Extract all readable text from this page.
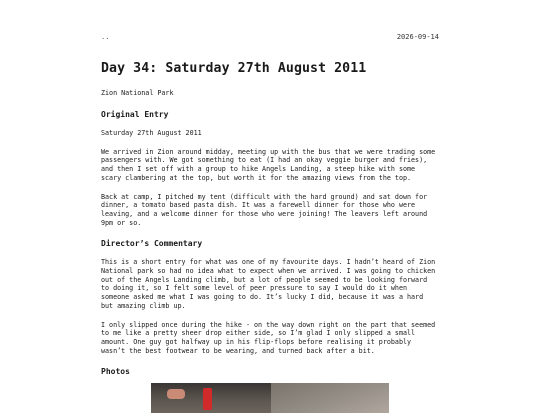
..	2026-09-14
Day 34: Saturday 27th August 2011
Zion National Park
Original Entry

Saturday 27th August 2011

We arrived in Zion around midday, meeting up with the bus that we were trading some
passengers with. We got something to eat (I had an okay veggie burger and fries),
and then I set off with a group to hike Angels Landing, a steep hike with some
scary clambering at the top, but worth it for the amazing views from the top.

Back at camp, I pitched my tent (difficult with the hard ground) and sat down for
dinner, a tomato based pasta dish. It was a farewell dinner for those who were
leaving, and a welcome dinner for those who were joining! The leavers left around
9pm or so.

Director’s Commentary

This is a short entry for what was one of my favourite days. I hadn’t heard of Zion
National park so had no idea what to expect when we arrived. I was going to chicken
out of the Angels Landing climb, but a lot of people seemed to be looking forward
to doing it, so I felt some level of peer pressure to say I would do it when
someone asked me what I was going to do. It’s lucky I did, because it was a hard
but amazing climb up.

I only slipped once during the hike - on the way down right on the part that seemed
to me like a pretty sheer drop either side, so I’m glad I only slipped a small
amount. One guy got halfway up in his flip-flops before realising it probably
wasn’t the best footwear to be wearing, and turned back after a bit.

Photos
